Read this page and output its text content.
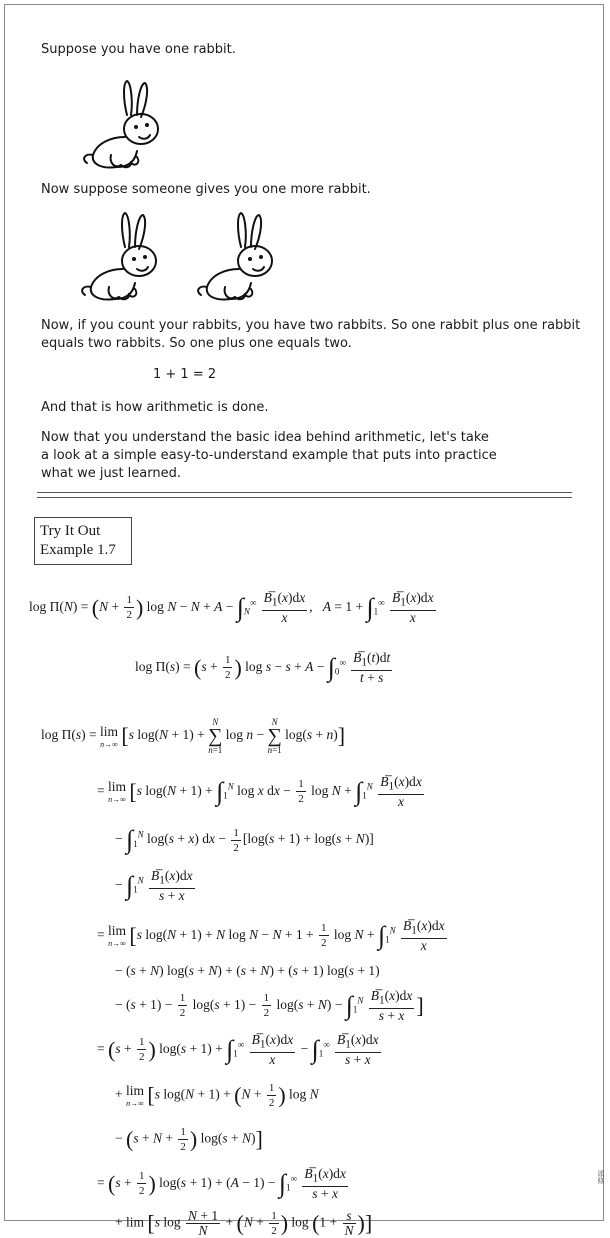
Suppose you have one rabbit.
Now suppose someone gives you one more rabbit.
Now, if you count your rabbits, you have two rabbits. So one rabbit plus one rabbit
equals two rabbits. So one plus one equals two.
1 + 1 = 2
And that is how arithmetic is done.
Now that you understand the basic idea behind arithmetic, let's take
a look at a simple easy-to-understand example that puts into practice
what we just learned.
Try It Out
Example 1.7
$\log \Pi(N) = (N + \frac{1}{2}$ ) $\log N - N + A - \int_N^\infty \frac{B_1(x)dx}{x}$ ,   $A = 1 + \int_1^\infty \frac{B_1(x)dx}{x}$
$\log \Pi(s) = (s + \frac{1}{2}$ ) $\log s - s + A - \int_0^\infty \frac{B_1(t)dt}{t + s}$
log Π(s) = lim
n→∞ [s log(N + 1) +
N
∑
n=1
log n −
N
∑
n=1
log(s + n)]
= lim
n→∞ [s $\log(N + 1) + \int_1^N$ log x dx − $\frac{1}{2}$ $\log N + \int_1^N \frac{B_1(x)dx}{x}$
− $\int_1^N$ log(s + x) dx − $\frac{1}{2} [\log(s + 1) + \log(s + N)]$
− $\int_1^N \frac{B_1(x)dx}{s + x}$
= lim
n→∞ [s log(N + 1) + N $\log N - N + 1 + \frac{1}{2}$ $\log N + \int_1^N \frac{B_1(x)dx}{x}$
− (s + N) log(s + N) + (s + N) + (s + 1) log(s + 1)
− $(s + 1) - \frac{1}{2} \log(s + 1) - \frac{1}{2} \log(s + N) - \int_1^N \frac{B_1(x)dx}{s + x}$ ]
= ($s + \frac{1}{2}$ ) $\log(s + 1) + \int_1^\infty \frac{B_1(x)dx}{x} - \int_1^\infty \frac{B_1(x)dx}{s + x}$
+ lim
n→∞ [s $\log(N + 1) + (N + \frac{1}{2}$ ) log N
− ($s + N + \frac{1}{2}$ ) log(s + N)]
= ($s + \frac{1}{2}$ ) $\log(s + 1) + (A - 1) - \int_1^\infty \frac{B_1(x)dx}{s + x}$
+ lim [s $\log \frac{N + 1}{N} + (N + \frac{1}{2}$ ) $\log (1 + \frac{s}{N}$ )]
頭條
